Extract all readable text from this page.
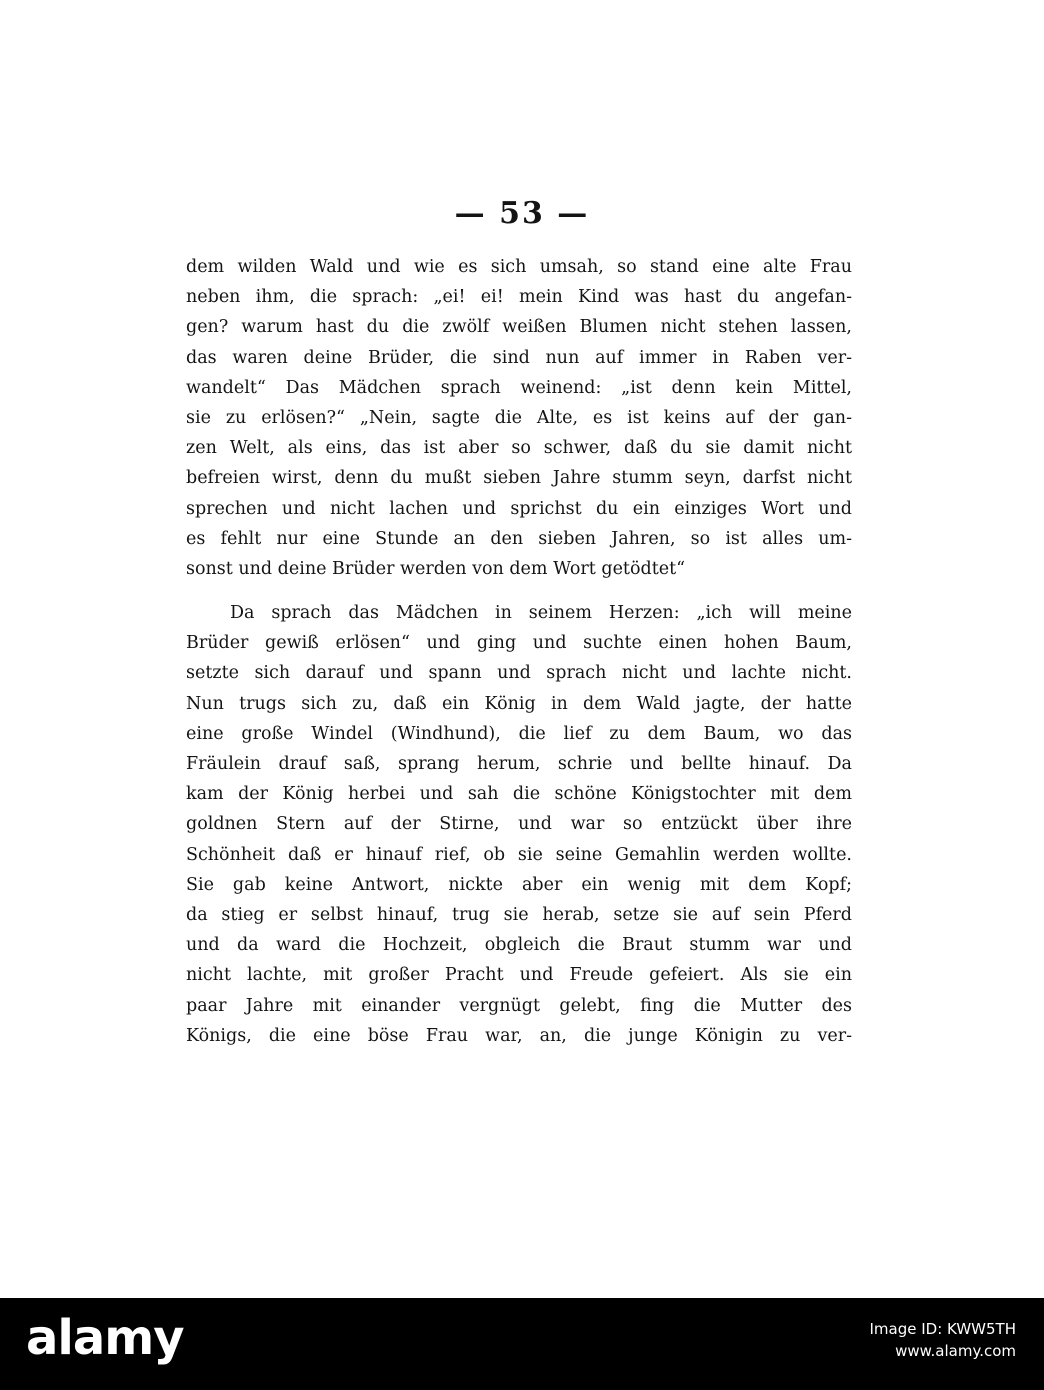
— 53 —
dem wilden Wald und wie es sich umsah, so stand eine alte Frau
neben ihm, die sprach: „ei! ei! mein Kind was hast du angefan-
gen? warum hast du die zwölf weißen Blumen nicht stehen lassen,
das waren deine Brüder, die sind nun auf immer in Raben ver-
wandelt“ Das Mädchen sprach weinend: „ist denn kein Mittel,
sie zu erlösen?“ „Nein, sagte die Alte, es ist keins auf der gan-
zen Welt, als eins, das ist aber so schwer, daß du sie damit nicht
befreien wirst, denn du mußt sieben Jahre stumm seyn, darfst nicht
sprechen und nicht lachen und sprichst du ein einziges Wort und
es fehlt nur eine Stunde an den sieben Jahren, so ist alles um-
sonst und deine Brüder werden von dem Wort getödtet“
Da sprach das Mädchen in seinem Herzen: „ich will meine
Brüder gewiß erlösen“ und ging und suchte einen hohen Baum,
setzte sich darauf und spann und sprach nicht und lachte nicht.
Nun trugs sich zu, daß ein König in dem Wald jagte, der hatte
eine große Windel (Windhund), die lief zu dem Baum, wo das
Fräulein drauf saß, sprang herum, schrie und bellte hinauf. Da
kam der König herbei und sah die schöne Königstochter mit dem
goldnen Stern auf der Stirne, und war so entzückt über ihre
Schönheit daß er hinauf rief, ob sie seine Gemahlin werden wollte.
Sie gab keine Antwort, nickte aber ein wenig mit dem Kopf;
da stieg er selbst hinauf, trug sie herab, setze sie auf sein Pferd
und da ward die Hochzeit, obgleich die Braut stumm war und
nicht lachte, mit großer Pracht und Freude gefeiert. Als sie ein
paar Jahre mit einander vergnügt gelebt, fing die Mutter des
Königs, die eine böse Frau war, an, die junge Königin zu ver-
alamy	Image ID: KWW5TH
www.alamy.com
